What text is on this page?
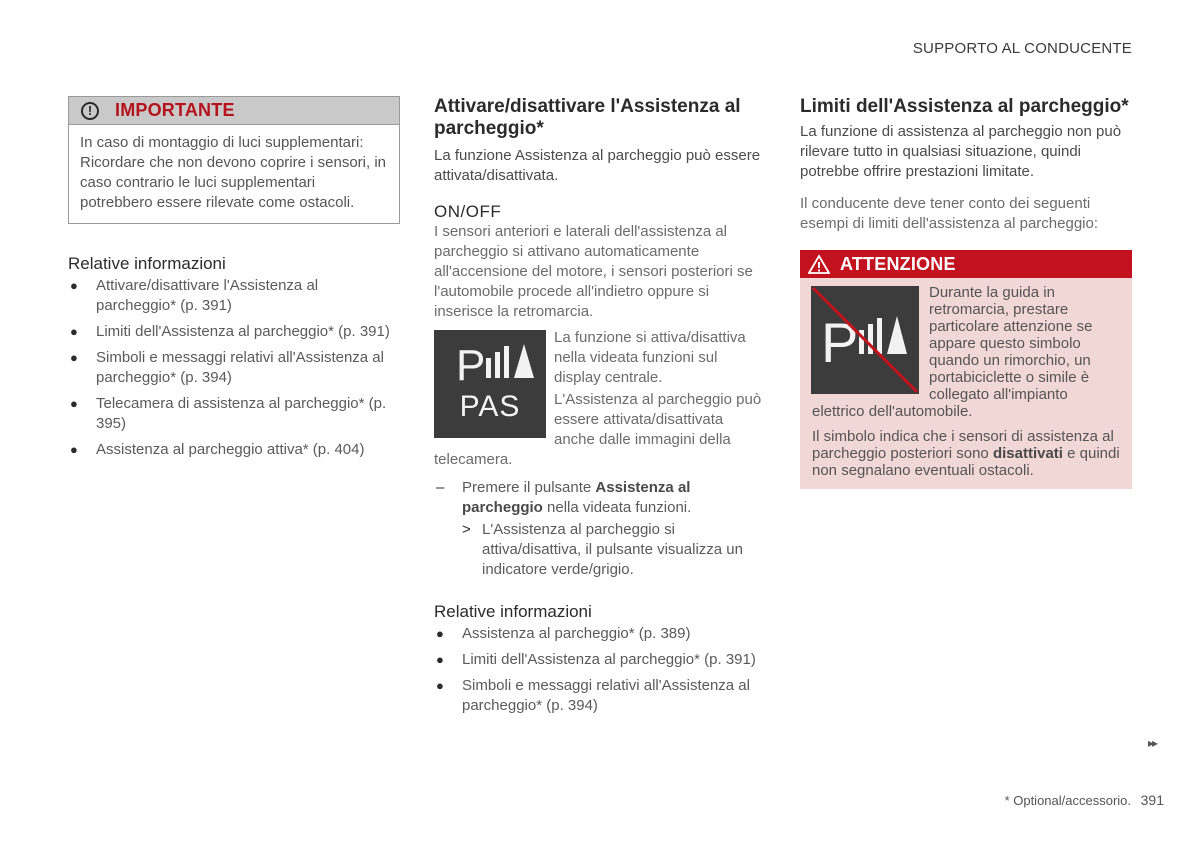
SUPPORTO AL CONDUCENTE
!	IMPORTANTE
In caso di montaggio di luci supplementari: Ricordare che non devono coprire i sensori, in caso contrario le luci supplementari potrebbero essere rilevate come ostacoli.
Relative informazioni
● Attivare/disattivare l'Assistenza al parcheggio* (p. 391)
● Limiti dell'Assistenza al parcheggio* (p. 391)
● Simboli e messaggi relativi all'Assistenza al parcheggio* (p. 394)
● Telecamera di assistenza al parcheggio* (p. 395)
● Assistenza al parcheggio attiva* (p. 404)
Attivare/disattivare l'Assistenza al parcheggio*

La funzione Assistenza al parcheggio può essere attivata/disattivata.

ON/OFF

I sensori anteriori e laterali dell'assistenza al parcheggio si attivano automaticamente all'accensione del motore, i sensori posteriori se l'automobile procede all'indietro oppure si inserisce la retromarcia.

P
PAS

La funzione si attiva/disattiva nella videata funzioni sul display centrale.

L'Assistenza al parcheggio può essere attivata/disattivata anche dalle immagini della telecamera.

– Premere il pulsante Assistenza al parcheggio nella videata funzioni.
> L'Assistenza al parcheggio si attiva/disattiva, il pulsante visualizza un indicatore verde/grigio.
Relative informazioni
● Assistenza al parcheggio* (p. 389)
● Limiti dell'Assistenza al parcheggio* (p. 391)
● Simboli e messaggi relativi all'Assistenza al parcheggio* (p. 394)
Limiti dell'Assistenza al parcheggio*

La funzione di assistenza al parcheggio non può rilevare tutto in qualsiasi situazione, quindi potrebbe offrire prestazioni limitate.

Il conducente deve tener conto dei seguenti esempi di limiti dell'assistenza al parcheggio:

ATTENZIONE
P

Durante la guida in retromarcia, prestare particolare attenzione se appare questo simbolo quando un rimorchio, un portabiciclette o simile è collegato all'impianto elettrico dell'automobile.

Il simbolo indica che i sensori di assistenza al parcheggio posteriori sono disattivati e quindi non segnalano eventuali ostacoli.

▸▸
* Optional/accessorio. 391
